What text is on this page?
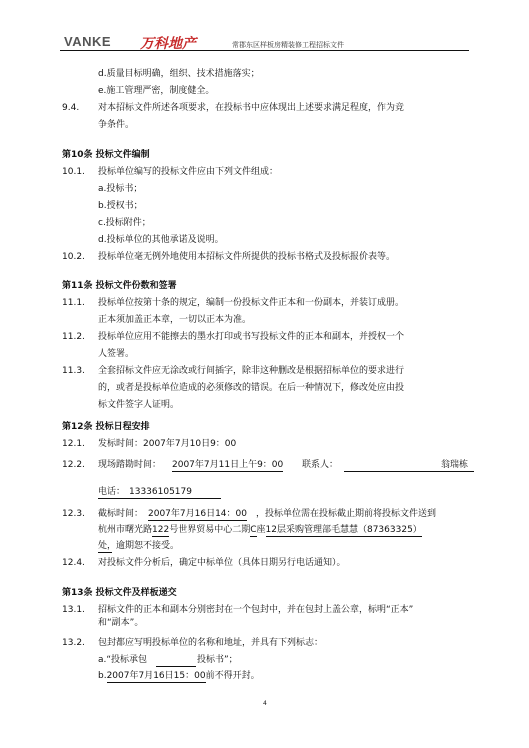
VANKE 万科地产	常郡东区样板房精装修工程招标文件
d.质量目标明确，组织、技术措施落实；
e.施工管理严密，制度健全。
9.4. 对本招标文件所述各项要求，在投标书中应体现出上述要求满足程度，作为竞
争条件。
第10条 投标文件编制
10.1. 投标单位编写的投标文件应由下列文件组成：
a.投标书；
b.授权书；
c.投标附件；
d.投标单位的其他承诺及说明。
10.2. 投标单位毫无例外地使用本招标文件所提供的投标书格式及投标报价表等。
第11条 投标文件份数和签署
11.1. 投标单位按第十条的规定，编制一份投标文件正本和一份副本，并装订成册。
正本须加盖正本章，一切以正本为准。
11.2. 投标单位应用不能擦去的墨水打印或书写投标文件的正本和副本，并授权一个
人签署。
11.3. 全套招标文件应无涂改或行间插字，除非这种删改是根据招标单位的要求进行
的，或者是投标单位造成的必须修改的错误。在后一种情况下，修改处应由投
标文件签字人证明。
第12条 投标日程安排
12.1. 发标时间：2007年7月10日9：00
12.2. 现场踏勘时间： 2007年7月11日上午9：00 联系人：	翁瑞栋
电话： 13336105179
12.3. 截标时间： 2007年7月16日14：00 ，投标单位需在投标截止期前将投标文件送到
杭州市曙光路122号世界贸易中心二期C座12层采购管理部毛慧慧（87363325）
处，逾期恕不接受。
12.4. 对投标文件分析后，确定中标单位（具体日期另行电话通知）。
第13条 投标文件及样板递交
13.1. 招标文件的正本和副本分别密封在一个包封中，并在包封上盖公章，标明“正本”
和“副本”。
13.2. 包封都应写明投标单位的名称和地址，并具有下列标志：
a.“投标承包	投标书”；
b.2007年7月16日15：00前不得开封。
4
